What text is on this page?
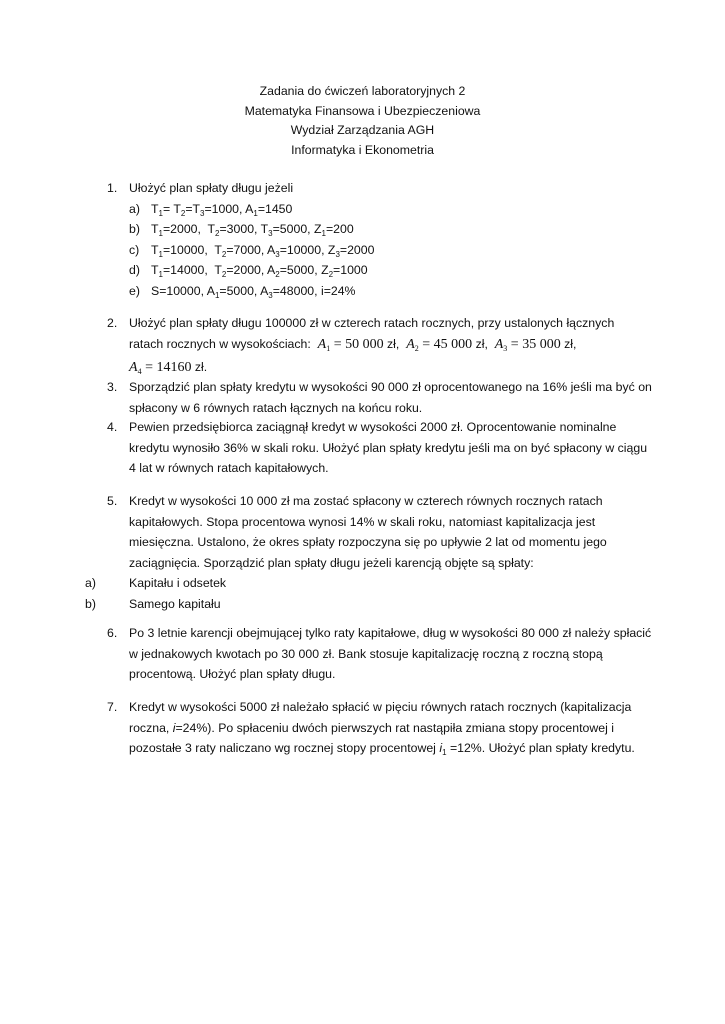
Zadania do ćwiczeń laboratoryjnych 2
Matematyka Finansowa i Ubezpieczeniowa
Wydział Zarządzania AGH
Informatyka i Ekonometria
1. Ułożyć plan spłaty długu jeżeli
a) $T_1= T_2=T_3=1000$, $A_1=1450$
b) $T_1=2000$,  $T_2=3000$, $T_3=5000$, $Z_1=200$
c) $T_1=10000$,  $T_2=7000$, $A_3=10000$, $Z_3=2000$
d) $T_1=14000$,  $T_2=2000$, $A_2=5000$, $Z_2=1000$
e) S=10000, $A_1=5000$, $A_3=48000$, i=24%
2. Ułożyć plan spłaty długu 100000 zł w czterech ratach rocznych, przy ustalonych łącznych
ratach rocznych w wysokościach: $A_1 = 50$ 000 zł, $A_2 = 45$ 000 zł, $A_3 = 35$ 000 zł,
$A_4 = 14160$ zł.
3. Sporządzić plan spłaty kredytu w wysokości 90 000 zł oprocentowanego na 16% jeśli ma być on spłacony w 6 równych ratach łącznych na końcu roku.
4. Pewien przedsiębiorca zaciągnął kredyt w wysokości 2000 zł. Oprocentowanie nominalne kredytu wynosiło 36% w skali roku. Ułożyć plan spłaty kredytu jeśli ma on być spłacony w ciągu 4 lat w równych ratach kapitałowych.
5. Kredyt w wysokości 10 000 zł ma zostać spłacony w czterech równych rocznych ratach kapitałowych. Stopa procentowa wynosi 14% w skali roku, natomiast kapitalizacja jest miesięczna. Ustalono, że okres spłaty rozpoczyna się po upływie 2 lat od momentu jego zaciągnięcia. Sporządzić plan spłaty długu jeżeli karencją objęte są spłaty:
a)	Kapitału i odsetek
b)	Samego kapitału
6. Po 3 letnie karencji obejmującej tylko raty kapitałowe, dług w wysokości 80 000 zł należy spłacić w jednakowych kwotach po 30 000 zł. Bank stosuje kapitalizację roczną z roczną stopą procentową. Ułożyć plan spłaty długu.
7. Kredyt w wysokości 5000 zł należało spłacić w pięciu równych ratach rocznych (kapitalizacja
roczna, i=24%). Po spłaceniu dwóch pierwszych rat nastąpiła zmiana stopy procentowej i
pozostałe 3 raty naliczano wg rocznej stopy procentowej $i_1 =12\%$. Ułożyć plan spłaty kredytu.
